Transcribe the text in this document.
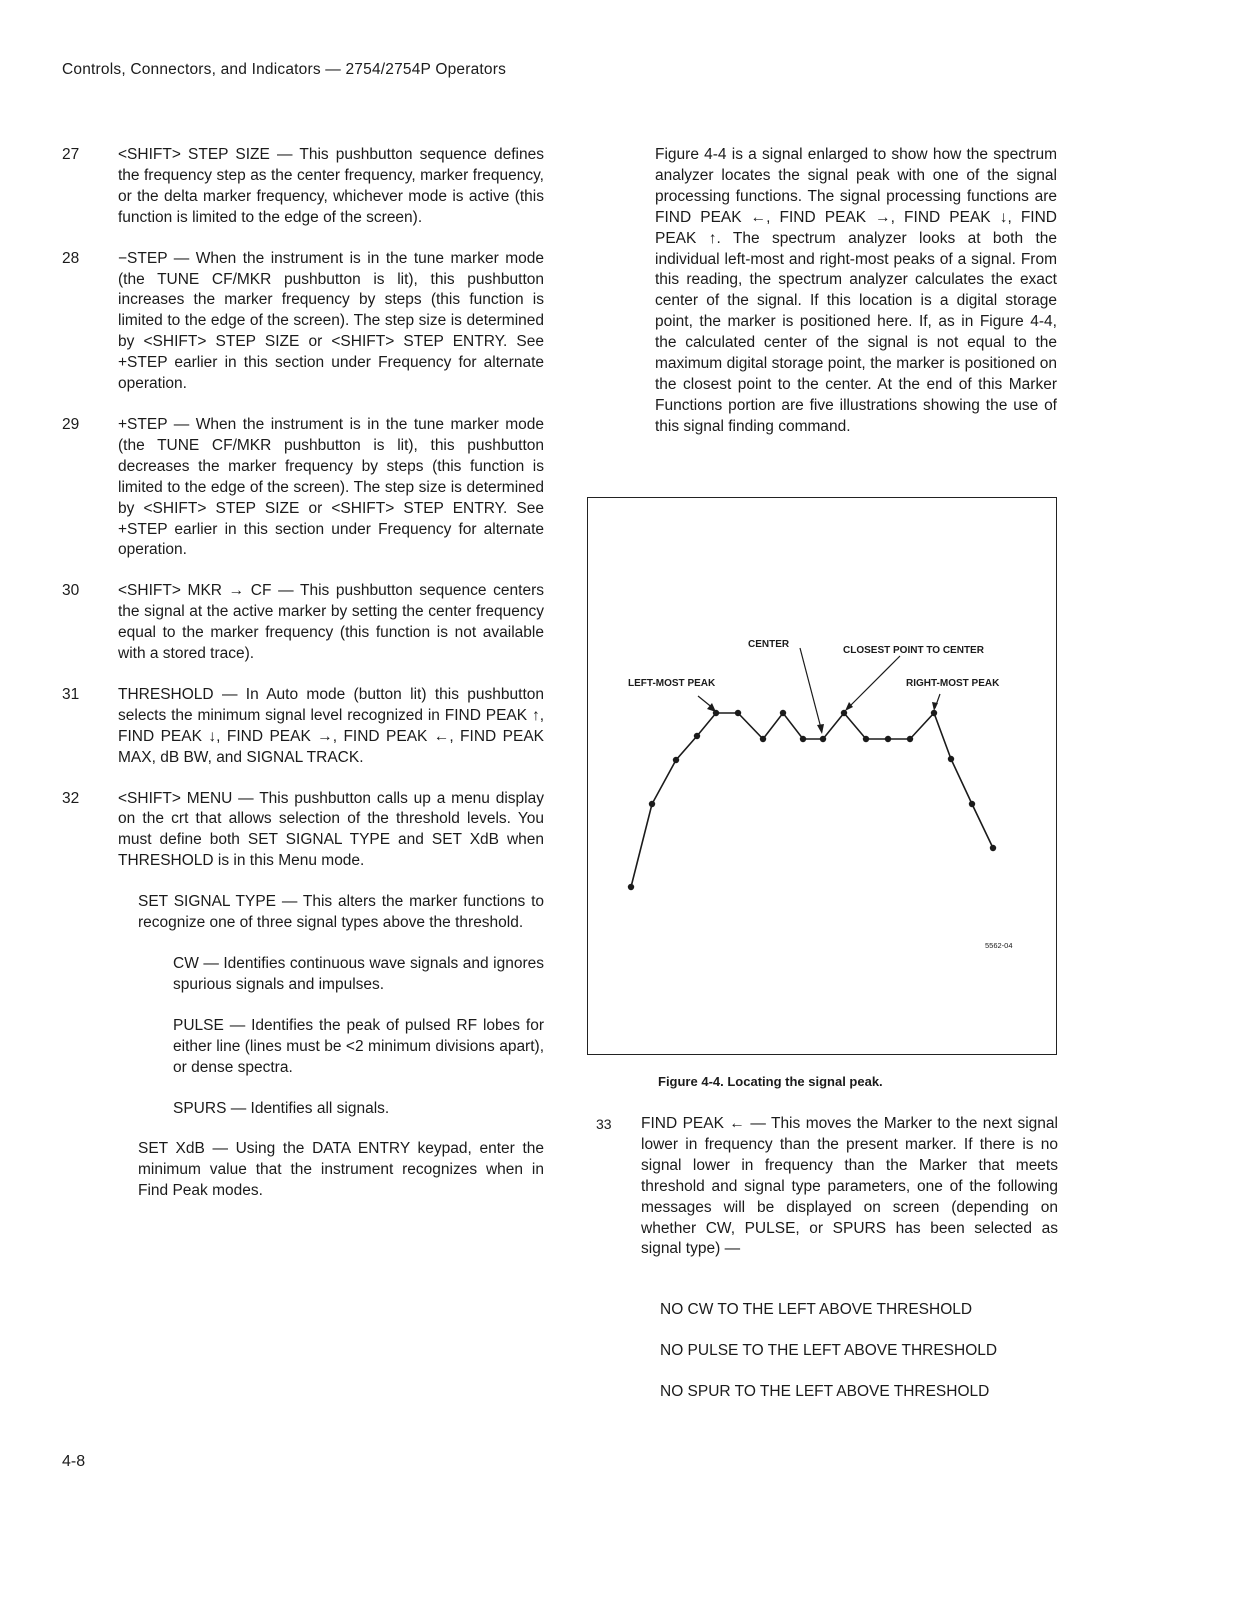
Controls, Connectors, and Indicators — 2754/2754P Operators
27	<SHIFT> STEP SIZE — This pushbutton sequence defines the frequency step as the center frequency, marker frequency, or the delta marker frequency, whichever mode is active (this function is limited to the edge of the screen).
28	−STEP — When the instrument is in the tune marker mode (the TUNE CF/MKR pushbutton is lit), this pushbutton increases the marker frequency by steps (this function is limited to the edge of the screen). The step size is determined by <SHIFT> STEP SIZE or <SHIFT> STEP ENTRY. See +STEP earlier in this section under Frequency for alternate operation.
29	+STEP — When the instrument is in the tune marker mode (the TUNE CF/MKR pushbutton is lit), this pushbutton decreases the marker frequency by steps (this function is limited to the edge of the screen). The step size is determined by <SHIFT> STEP SIZE or <SHIFT> STEP ENTRY. See +STEP earlier in this section under Frequency for alternate operation.
30	<SHIFT> MKR → CF — This pushbutton sequence centers the signal at the active marker by setting the center frequency equal to the marker frequency (this function is not available with a stored trace).
31	THRESHOLD — In Auto mode (button lit) this pushbutton selects the minimum signal level recognized in FIND PEAK ↑, FIND PEAK ↓, FIND PEAK →, FIND PEAK ←, FIND PEAK MAX, dB BW, and SIGNAL TRACK.
32	<SHIFT> MENU — This pushbutton calls up a menu display on the crt that allows selection of the threshold levels. You must define both SET SIGNAL TYPE and SET XdB when THRESHOLD is in this Menu mode.
SET SIGNAL TYPE — This alters the marker functions to recognize one of three signal types above the threshold.
CW — Identifies continuous wave signals and ignores spurious signals and impulses.
PULSE — Identifies the peak of pulsed RF lobes for either line (lines must be <2 minimum divisions apart), or dense spectra.
SPURS — Identifies all signals.
SET XdB — Using the DATA ENTRY keypad, enter the minimum value that the instrument recognizes when in Find Peak modes.
Figure 4-4 is a signal enlarged to show how the spectrum analyzer locates the signal peak with one of the signal processing functions. The signal processing functions are FIND PEAK ←, FIND PEAK →, FIND PEAK ↓, FIND PEAK ↑. The spectrum analyzer looks at both the individual left-most and right-most peaks of a signal. From this reading, the spectrum analyzer calculates the exact center of the signal. If this location is a digital storage point, the marker is positioned here. If, as in Figure 4-4, the calculated center of the signal is not equal to the maximum digital storage point, the marker is positioned on the closest point to the center. At the end of this Marker Functions portion are five illustrations showing the use of this signal finding command.
LEFT-MOST PEAK
CENTER
CLOSEST POINT TO CENTER
RIGHT-MOST PEAK
5562-04
Figure 4-4. Locating the signal peak.
33	FIND PEAK ← — This moves the Marker to the next signal lower in frequency than the present marker. If there is no signal lower in frequency than the Marker that meets threshold and signal type parameters, one of the following messages will be displayed on screen (depending on whether CW, PULSE, or SPURS has been selected as signal type) —
NO CW TO THE LEFT ABOVE THRESHOLD
NO PULSE TO THE LEFT ABOVE THRESHOLD
NO SPUR TO THE LEFT ABOVE THRESHOLD
4-8
